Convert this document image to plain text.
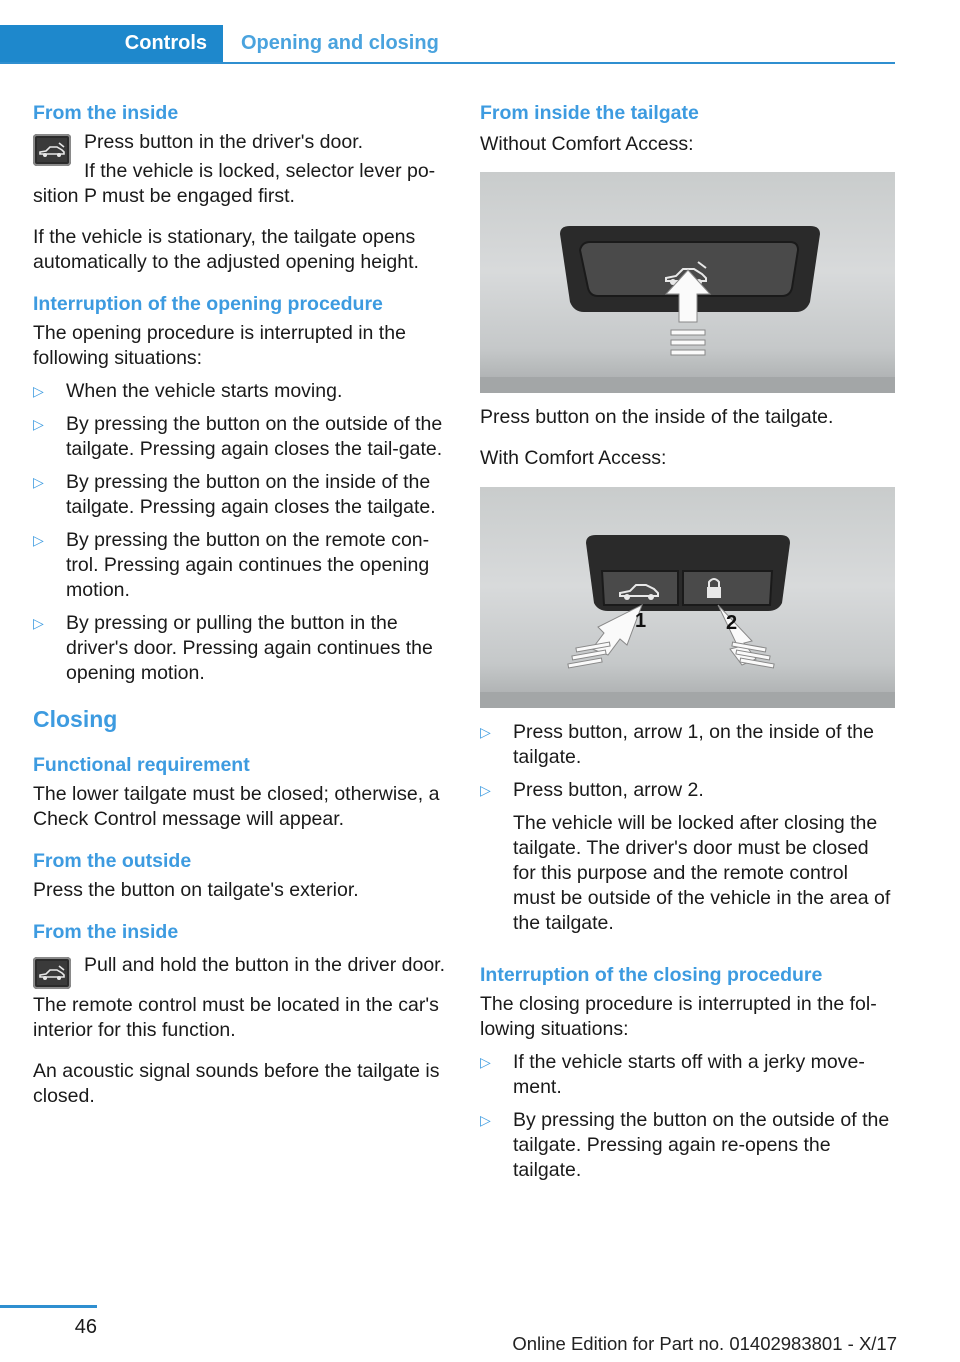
Controls	Opening and closing
From the inside

Press button in the driver's door.

If the vehicle is locked, selector lever po-

sition P must be engaged first.

If the vehicle is stationary, the tailgate opens automatically to the adjusted opening height.

Interruption of the opening procedure

The opening procedure is interrupted in the following situations:

▷ When the vehicle starts moving.
▷ By pressing the button on the outside of the tailgate. Pressing again closes the tail-gate.
▷ By pressing the button on the inside of the tailgate. Pressing again closes the tailgate.
▷ By pressing the button on the remote con-trol. Pressing again continues the opening motion.
▷ By pressing or pulling the button in the driver's door. Pressing again continues the opening motion.
Closing
Functional requirement

The lower tailgate must be closed; otherwise, a Check Control message will appear.

From the outside

Press the button on tailgate's exterior.

From the inside

Pull and hold the button in the driver door.

The remote control must be located in the car's interior for this function.

An acoustic signal sounds before the tailgate is closed.

From inside the tailgate

Without Comfort Access:

Press button on the inside of the tailgate.

With Comfort Access:

1	2
▷ Press button, arrow 1, on the inside of the tailgate.
▷ Press button, arrow 2.
The vehicle will be locked after closing the tailgate. The driver's door must be closed for this purpose and the remote control must be outside of the vehicle in the area of the tailgate.
Interruption of the closing procedure

The closing procedure is interrupted in the fol-lowing situations:

▷ If the vehicle starts off with a jerky move-ment.
▷ By pressing the button on the outside of the tailgate. Pressing again re-opens the tailgate.
46
Online Edition for Part no. 01402983801 - X/17
